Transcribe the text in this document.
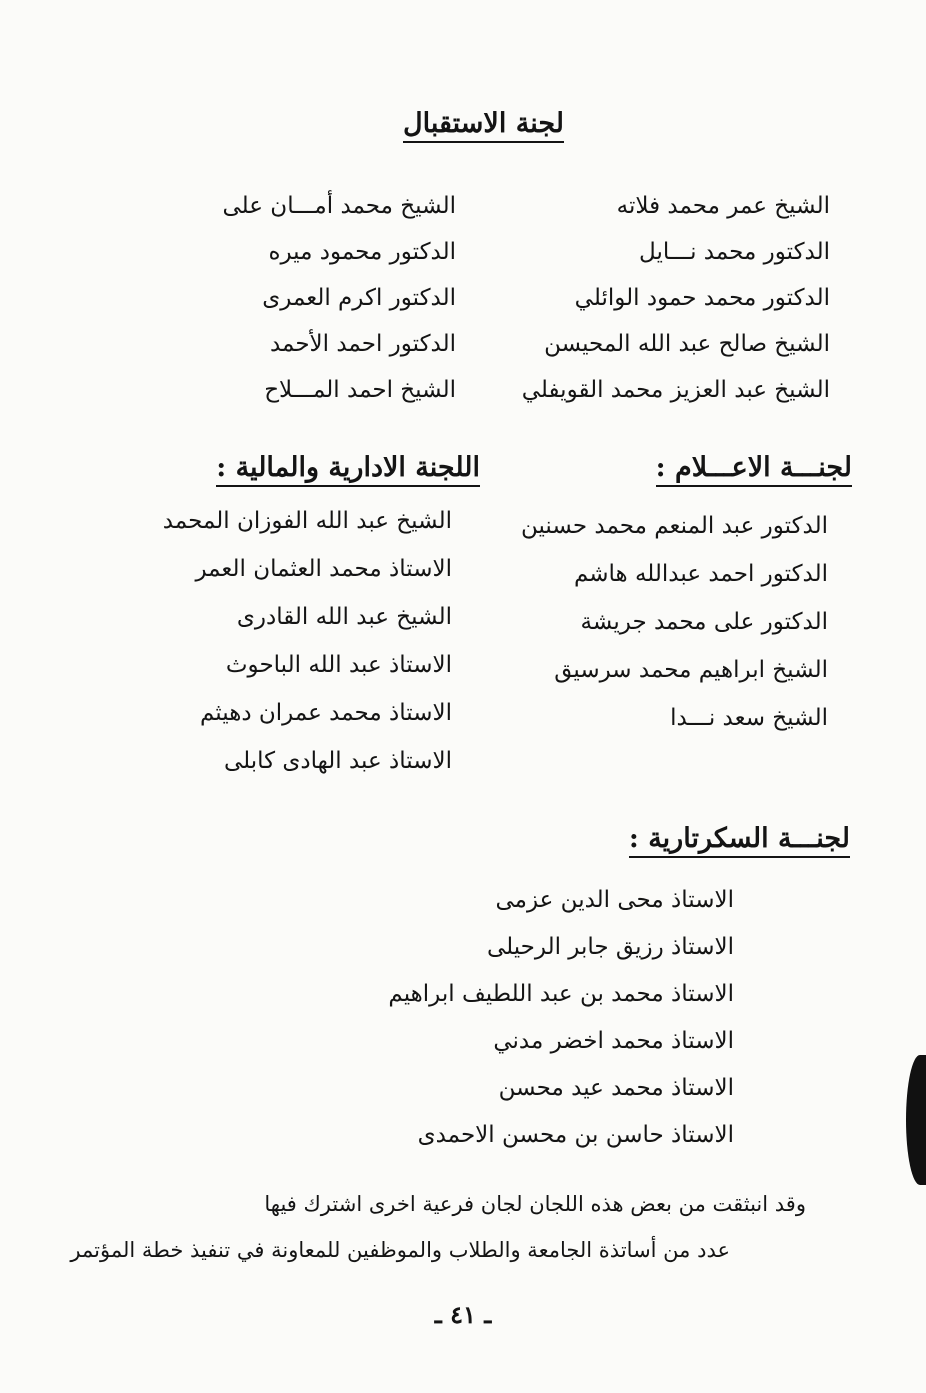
لجنة الاستقبال
الشيخ عمر محمد فلاته
الدكتور محمد نـــايل
الدكتور محمد حمود الوائلي
الشيخ صالح عبد الله المحيسن
الشيخ عبد العزيز محمد القويفلي
الشيخ محمد أمـــان على
الدكتور محمود ميره
الدكتور اكرم العمرى
الدكتور احمد الأحمد
الشيخ احمد المـــلاح
لجنـــة الاعـــلام :
الدكتور عبد المنعم محمد حسنين
الدكتور احمد عبدالله هاشم
الدكتور على محمد جريشة
الشيخ ابراهيم محمد سرسيق
الشيخ سعد نـــدا
اللجنة الادارية والمالية :
الشيخ عبد الله الفوزان المحمد
الاستاذ محمد العثمان العمر
الشيخ عبد الله القادرى
الاستاذ عبد الله الباحوث
الاستاذ محمد عمران دهيثم
الاستاذ عبد الهادى كابلى
لجنـــة السكرتارية :
الاستاذ محى الدين عزمى
الاستاذ رزيق جابر الرحيلى
الاستاذ محمد بن عبد اللطيف ابراهيم
الاستاذ محمد اخضر مدني
الاستاذ محمد عيد محسن
الاستاذ حاسن بن محسن الاحمدى
وقد انبثقت من بعض هذه اللجان لجان فرعية اخرى اشترك فيها
عدد من أساتذة الجامعة والطلاب والموظفين للمعاونة في تنفيذ خطة المؤتمر
ـ ٤١ ـ
